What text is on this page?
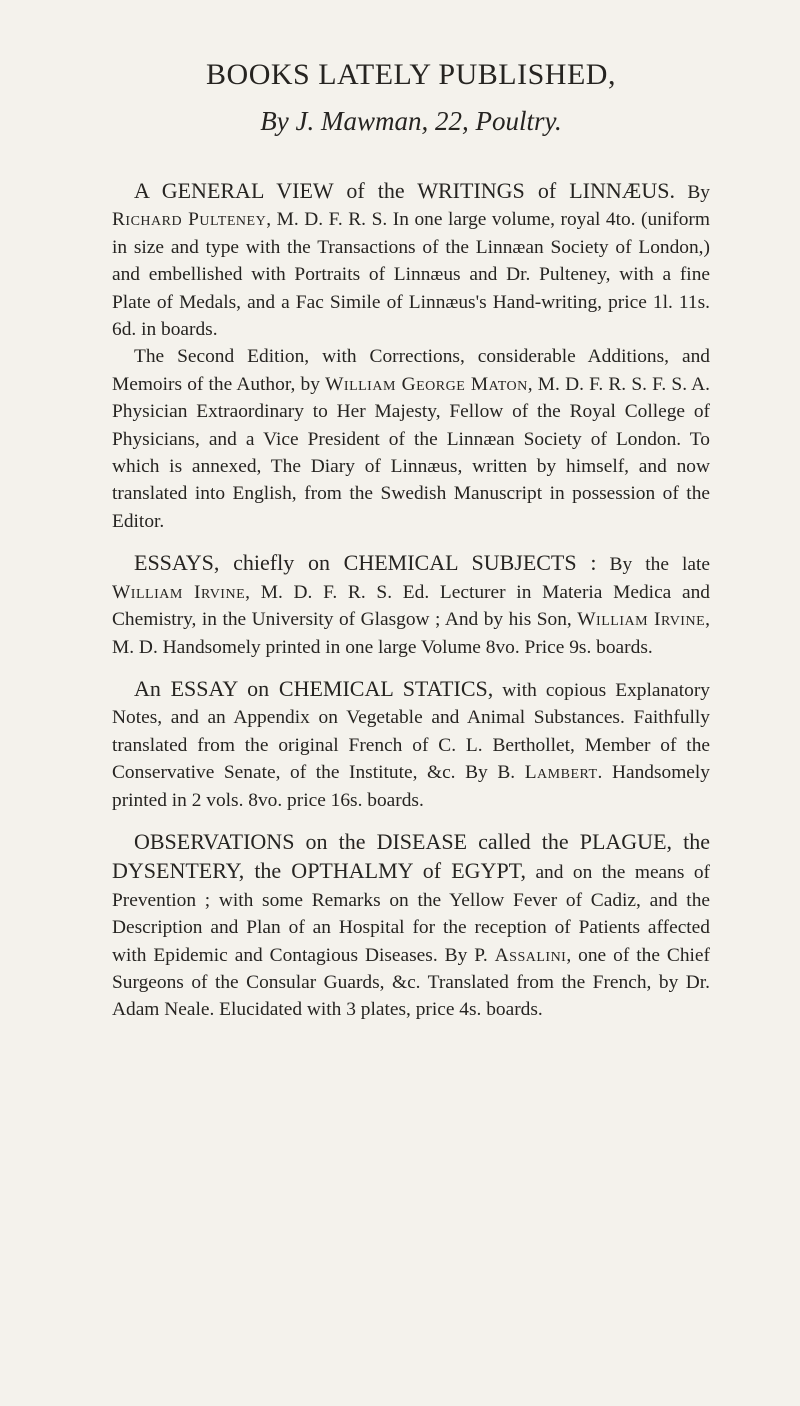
BOOKS LATELY PUBLISHED,
By J. Mawman, 22, Poultry.
A GENERAL VIEW of the WRITINGS of LINNÆUS. By Richard Pulteney, M. D. F. R. S. In one large volume, royal 4to. (uniform in size and type with the Transactions of the Linnæan Society of London,) and embellished with Portraits of Linnæus and Dr. Pulteney, with a fine Plate of Medals, and a Fac Simile of Linnæus's Hand-writing, price 1l. 11s. 6d. in boards.

The Second Edition, with Corrections, considerable Additions, and Memoirs of the Author, by William George Maton, M. D. F. R. S. F. S. A. Physician Extraordinary to Her Majesty, Fellow of the Royal College of Physicians, and a Vice President of the Linnæan Society of London. To which is annexed, The Diary of Linnæus, written by himself, and now translated into English, from the Swedish Manuscript in possession of the Editor.

ESSAYS, chiefly on CHEMICAL SUBJECTS : By the late William Irvine, M. D. F. R. S. Ed. Lecturer in Materia Medica and Chemistry, in the University of Glasgow ; And by his Son, William Irvine, M. D. Handsomely printed in one large Volume 8vo. Price 9s. boards.
An ESSAY on CHEMICAL STATICS, with copious Explanatory Notes, and an Appendix on Vegetable and Animal Substances. Faithfully translated from the original French of C. L. Berthollet, Member of the Conservative Senate, of the Institute, &c. By B. Lambert. Handsomely printed in 2 vols. 8vo. price 16s. boards.
OBSERVATIONS on the DISEASE called the PLAGUE, the DYSENTERY, the OPTHALMY of EGYPT, and on the means of Prevention ; with some Remarks on the Yellow Fever of Cadiz, and the Description and Plan of an Hospital for the reception of Patients affected with Epidemic and Contagious Diseases. By P. Assalini, one of the Chief Surgeons of the Consular Guards, &c. Translated from the French, by Dr. Adam Neale. Elucidated with 3 plates, price 4s. boards.
